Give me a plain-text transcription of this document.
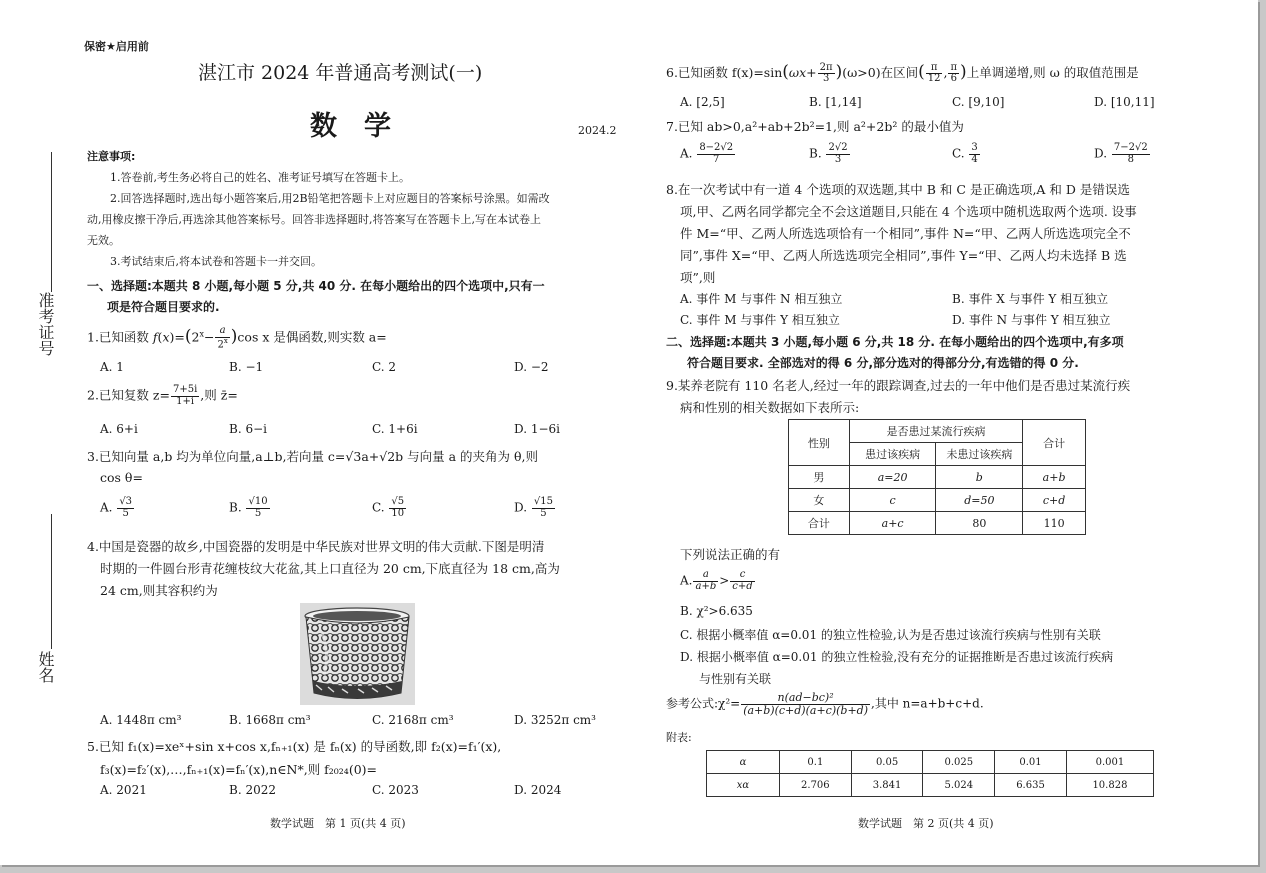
保密★启用前
湛江市 2024 年普通高考测试(一)
数　学	2024.2
准考证号
姓名
注意事项:
1.答卷前,考生务必将自己的姓名、准考证号填写在答题卡上。
2.回答选择题时,选出每小题答案后,用2B铅笔把答题卡上对应题目的答案标号涂黑。如需改
动,用橡皮擦干净后,再选涂其他答案标号。回答非选择题时,将答案写在答题卡上,写在本试卷上
无效。
3.考试结束后,将本试卷和答题卡一并交回。
一、选择题:本题共 8 小题,每小题 5 分,共 40 分. 在每小题给出的四个选项中,只有一
项是符合题目要求的.
1.已知函数 $f(x)=(2^x- \frac{a}{2^x} )\cos$ x 是偶函数,则实数 a=
A. 1	B. −1	C. 2	D. −2
2.已知复数 $z= \frac{7+5i}{1+i}$ ,则 z̄=
A. 6+i	B. 6−i	C. 1+6i	D. 1−6i
3.已知向量 a,b 均为单位向量,a⊥b,若向量 c=√3a+√2b 与向量 a 的夹角为 θ,则
cos θ=
A. $\frac{√3}{5}$	B. $\frac{√10}{5}$	C. $\frac{√5}{10}$	D. $\frac{√15}{5}$
4.中国是瓷器的故乡,中国瓷器的发明是中华民族对世界文明的伟大贡献.下图是明清
时期的一件圆台形青花缠枝纹大花盆,其上口直径为 20 cm,下底直径为 18 cm,高为
24 cm,则其容积约为
A. 1448π cm³	B. 1668π cm³	C. 2168π cm³	D. 3252π cm³
5.已知 f₁(x)=xeˣ+sin x+cos x,fₙ₊₁(x) 是 fₙ(x) 的导函数,即 f₂(x)=f₁′(x),
f₃(x)=f₂′(x),…,fₙ₊₁(x)=fₙ′(x),n∈N*,则 f₂₀₂₄(0)=
A. 2021	B. 2022	C. 2023	D. 2024
数学试题　第 1 页(共 4 页)
6.已知函数 $f(x)=\sin(\omega x+ \frac{2\pi}{3} )(\omega>0)$在区间( $\frac{\pi}{12}$ , $\frac{\pi}{6}$ )上单调递增,则 ω 的取值范围是
A. [2,5]	B. [1,14]	C. [9,10]	D. [10,11]
7.已知 ab>0,a²+ab+2b²=1,则 a²+2b² 的最小值为
A. $\frac{8-2√2}{7}$	B. $\frac{2√2}{3}$	C. $\frac{3}{4}$	D. $\frac{7-2√2}{8}$
8.在一次考试中有一道 4 个选项的双选题,其中 B 和 C 是正确选项,A 和 D 是错误选
项,甲、乙两名同学都完全不会这道题目,只能在 4 个选项中随机选取两个选项. 设事
件 M=“甲、乙两人所选选项恰有一个相同”,事件 N=“甲、乙两人所选选项完全不
同”,事件 X=“甲、乙两人所选选项完全相同”,事件 Y=“甲、乙两人均未选择 B 选
项”,则
A. 事件 M 与事件 N 相互独立	B. 事件 X 与事件 Y 相互独立
C. 事件 M 与事件 Y 相互独立	D. 事件 N 与事件 Y 相互独立
二、选择题:本题共 3 小题,每小题 6 分,共 18 分. 在每小题给出的四个选项中,有多项
符合题目要求. 全部选对的得 6 分,部分选对的得部分分,有选错的得 0 分.
9.某养老院有 110 名老人,经过一年的跟踪调查,过去的一年中他们是否患过某流行疾
病和性别的相关数据如下表所示:
性别	是否患过某流行疾病		合计
	患过该疾病	未患过该疾病	
男	a=20	b	a+b
女	c	d=50	c+d
合计	a+c	80	110
下列说法正确的有
A. $\frac{a}{a+b} > \frac{c}{c+d}$
B. χ²>6.635
C. 根据小概率值 α=0.01 的独立性检验,认为是否患过该流行疾病与性别有关联
D. 根据小概率值 α=0.01 的独立性检验,没有充分的证据推断是否患过该流行疾病
与性别有关联
参考公式:χ²= $\frac{\text{n(ad−bc)²}}{(a+b)(c+d)(a+c)(b+d)}$ ,其中 n=a+b+c+d.
附表:
α	0.1	0.05	0.025	0.01	0.001
xα	2.706	3.841	5.024	6.635	10.828
数学试题　第 2 页(共 4 页)
